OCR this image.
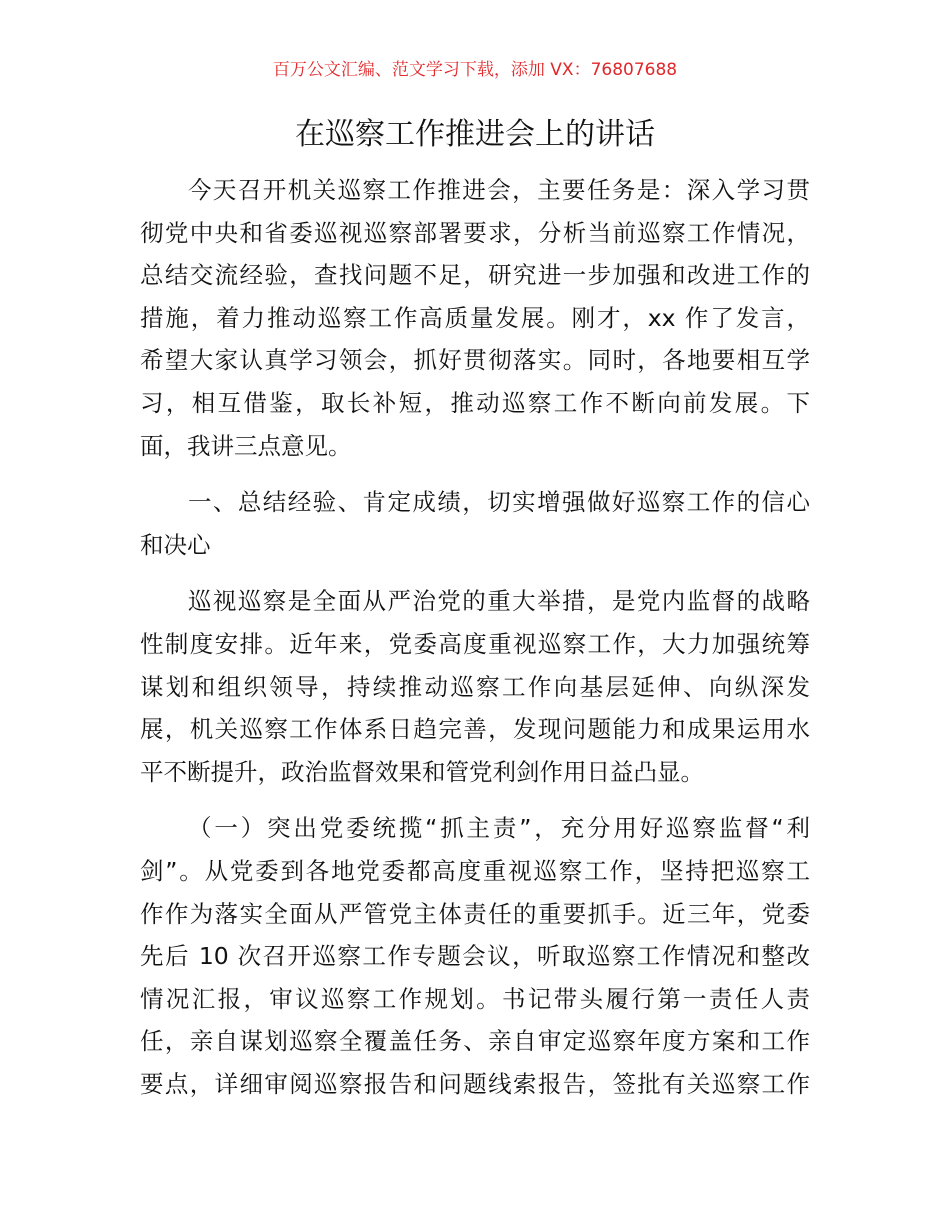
百万公文汇编、范文学习下载，添加 VX：76807688
在巡察工作推进会上的讲话
今天召开机关巡察工作推进会，主要任务是：深入学习贯
彻党中央和省委巡视巡察部署要求，分析当前巡察工作情况，
总结交流经验，查找问题不足，研究进一步加强和改进工作的
措施，着力推动巡察工作高质量发展。刚才，xx 作了发言，
希望大家认真学习领会，抓好贯彻落实。同时，各地要相互学
习，相互借鉴，取长补短，推动巡察工作不断向前发展。下
面，我讲三点意见。
一、总结经验、肯定成绩，切实增强做好巡察工作的信心
和决心
巡视巡察是全面从严治党的重大举措，是党内监督的战略
性制度安排。近年来，党委高度重视巡察工作，大力加强统筹
谋划和组织领导，持续推动巡察工作向基层延伸、向纵深发
展，机关巡察工作体系日趋完善，发现问题能力和成果运用水
平不断提升，政治监督效果和管党利剑作用日益凸显。
（一）突出党委统揽“抓主责”，充分用好巡察监督“利
剑”。从党委到各地党委都高度重视巡察工作，坚持把巡察工
作作为落实全面从严管党主体责任的重要抓手。近三年，党委
先后 10 次召开巡察工作专题会议，听取巡察工作情况和整改
情况汇报，审议巡察工作规划。书记带头履行第一责任人责
任，亲自谋划巡察全覆盖任务、亲自审定巡察年度方案和工作
要点，详细审阅巡察报告和问题线索报告，签批有关巡察工作
